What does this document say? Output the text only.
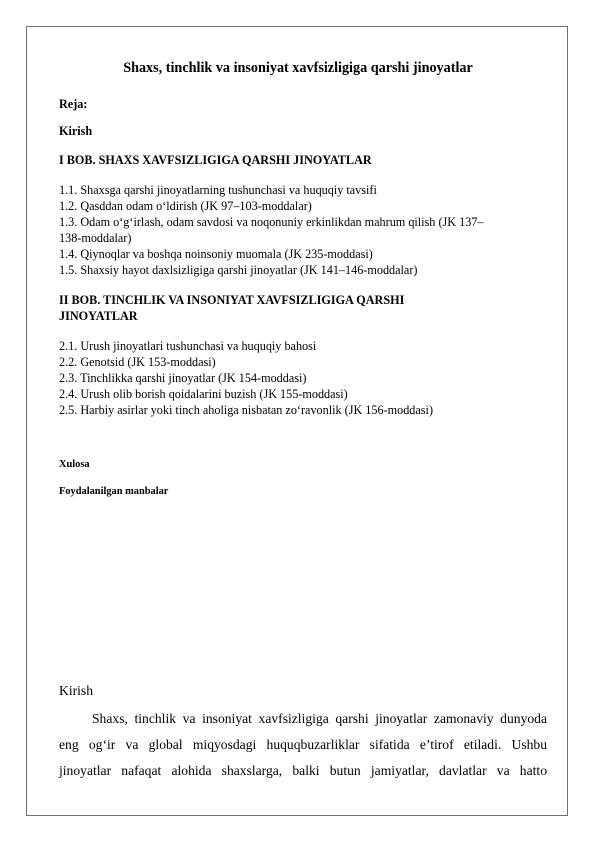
Shaxs, tinchlik va insoniyat xavfsizligiga qarshi jinoyatlar
Reja:
Kirish
I BOB. SHAXS XAVFSIZLIGIGA QARSHI JINOYATLAR
1.1. Shaxsga qarshi jinoyatlarning tushunchasi va huquqiy tavsifi
1.2. Qasddan odam o‘ldirish (JK 97–103-moddalar)
1.3. Odam o‘g‘irlash, odam savdosi va noqonuniy erkinlikdan mahrum qilish (JK 137–
138-moddalar)
1.4. Qiynoqlar va boshqa noinsoniy muomala (JK 235-moddasi)
1.5. Shaxsiy hayot daxlsizligiga qarshi jinoyatlar (JK 141–146-moddalar)
II BOB. TINCHLIK VA INSONIYAT XAVFSIZLIGIGA QARSHI
JINOYATLAR
2.1. Urush jinoyatlari tushunchasi va huquqiy bahosi
2.2. Genotsid (JK 153-moddasi)
2.3. Tinchlikka qarshi jinoyatlar (JK 154-moddasi)
2.4. Urush olib borish qoidalarini buzish (JK 155-moddasi)
2.5. Harbiy asirlar yoki tinch aholiga nisbatan zo‘ravonlik (JK 156-moddasi)
Xulosa
Foydalanilgan manbalar
Kirish
Shaxs, tinchlik va insoniyat xavfsizligiga qarshi jinoyatlar zamonaviy dunyoda
eng og‘ir va global miqyosdagi huquqbuzarliklar sifatida e’tirof etiladi. Ushbu
jinoyatlar nafaqat alohida shaxslarga, balki butun jamiyatlar, davlatlar va hatto
